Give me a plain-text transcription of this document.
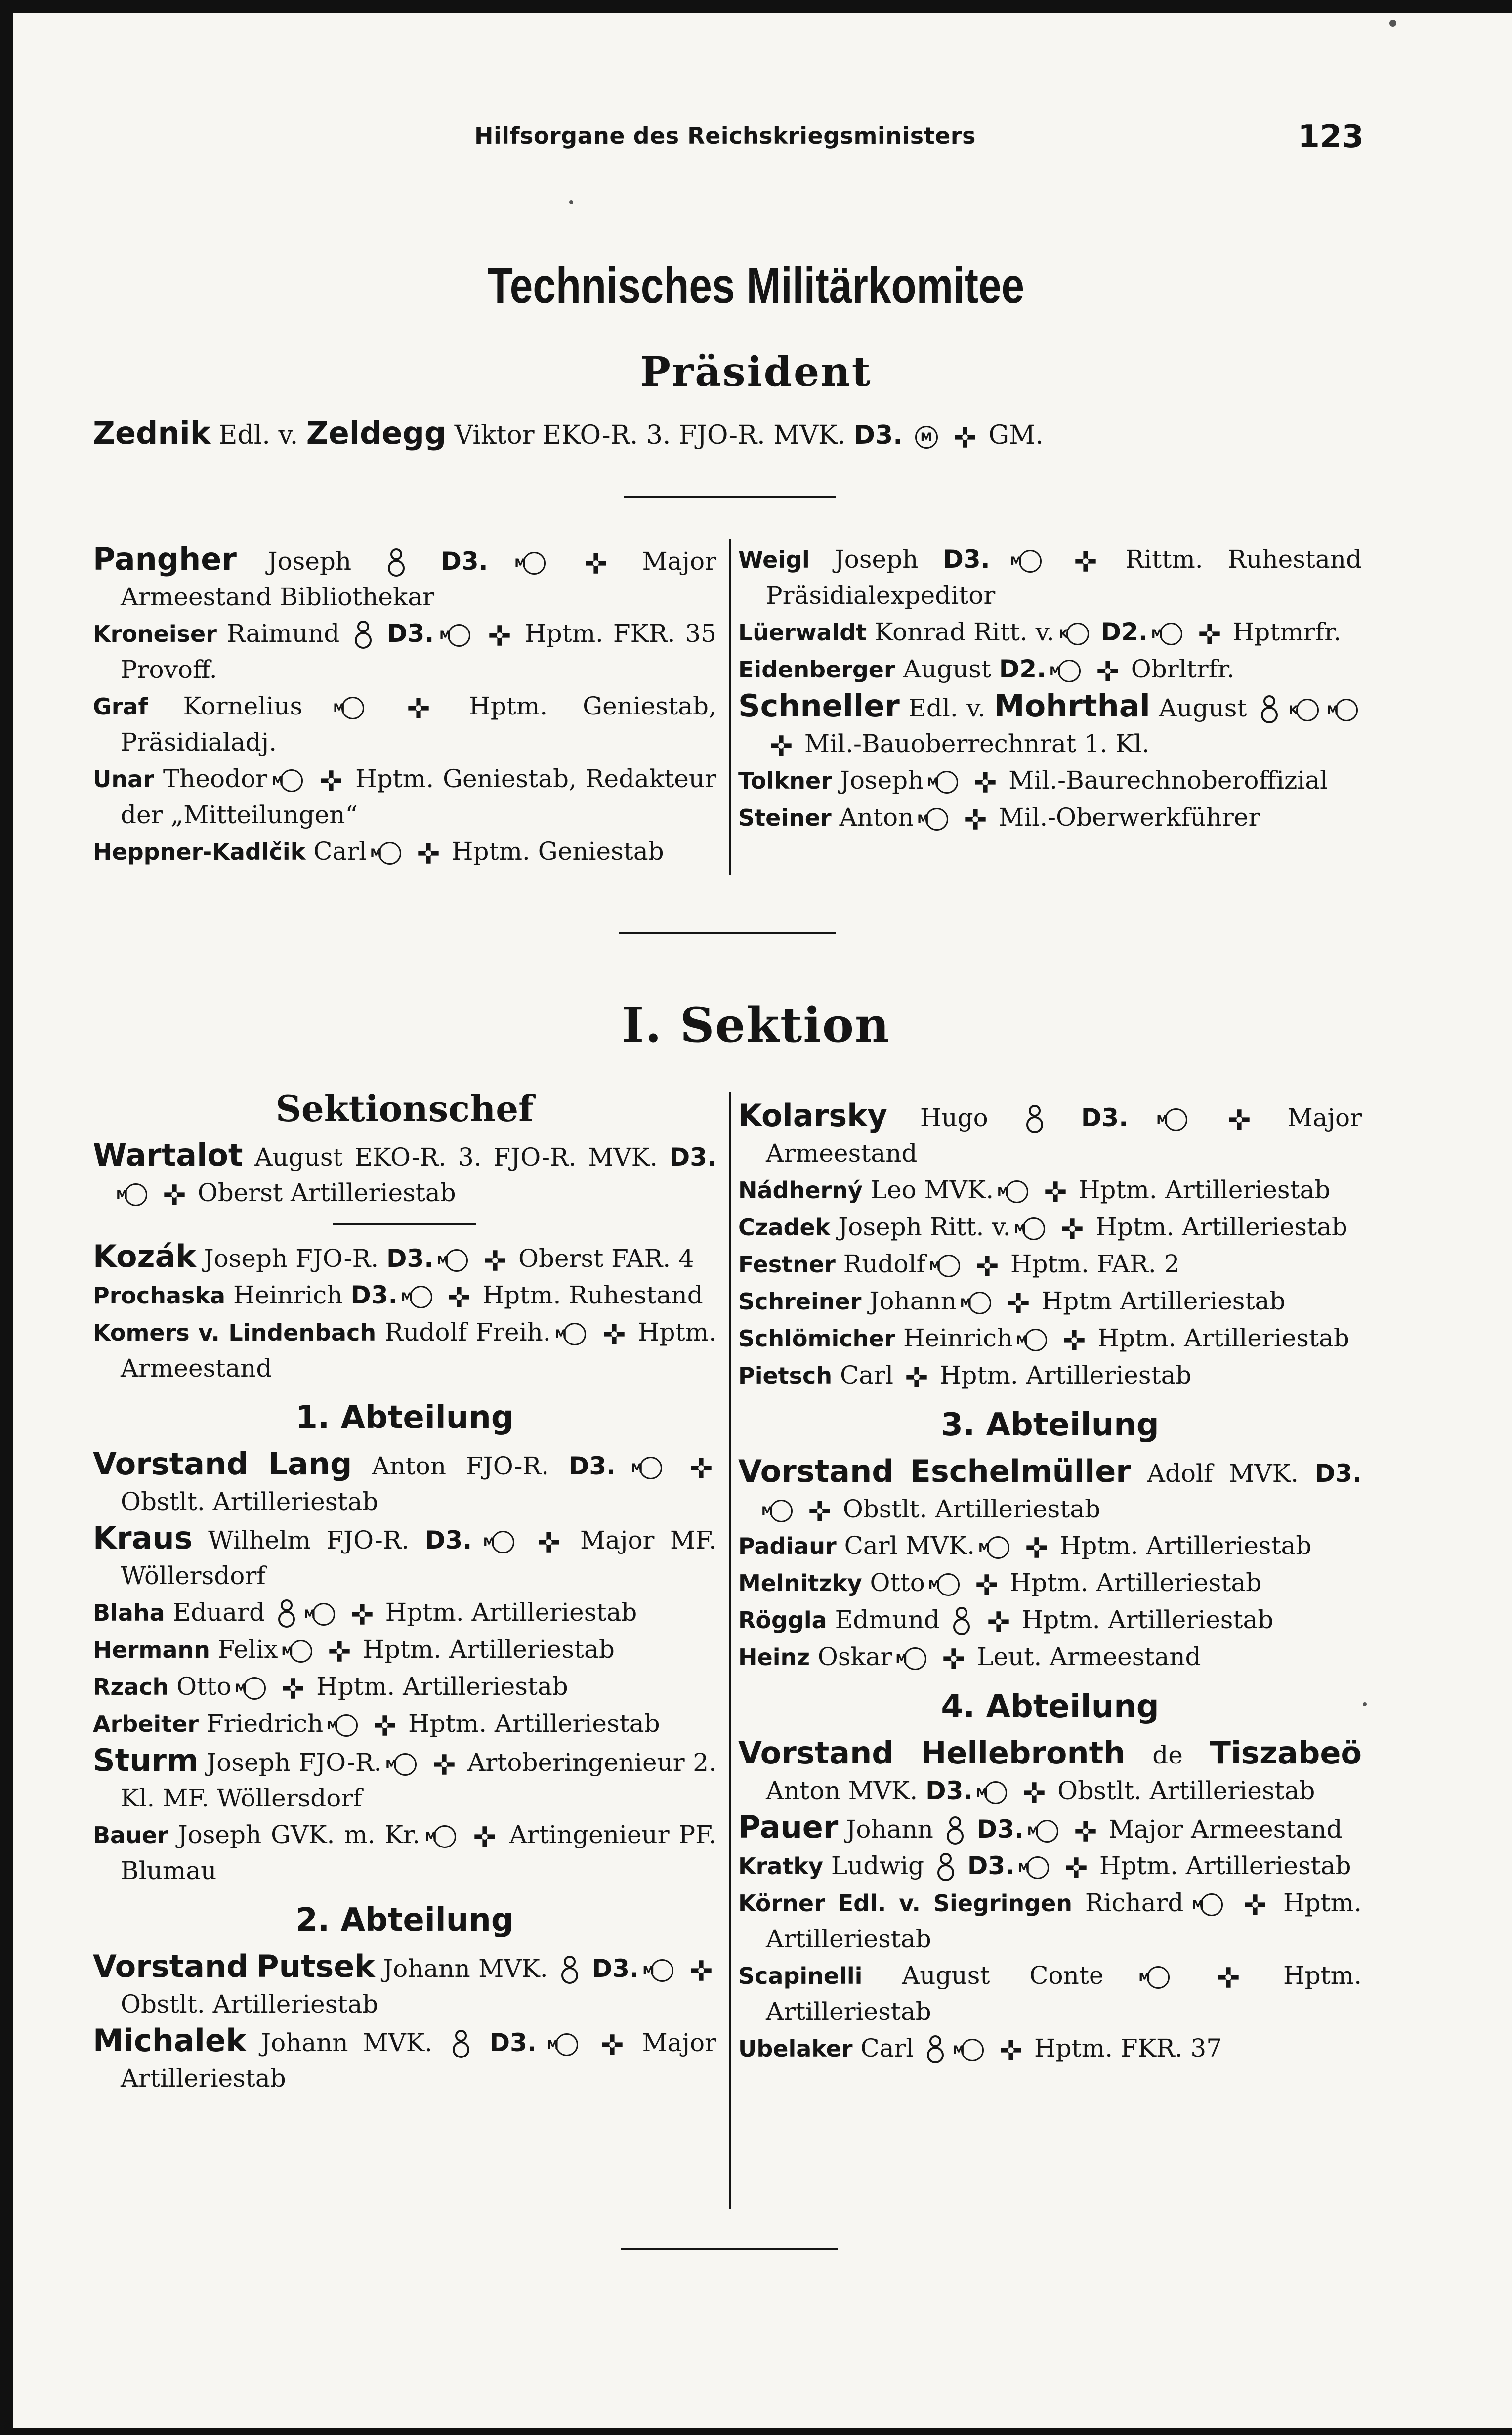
Hilfsorgane des Reichskriegsministers	123
Technisches Militärkomitee
Präsident
Zednik Edl. v. Zeldegg Viktor EKO-R. 3. FJO-R. MVK. D3. M GM.
Pangher Joseph	D3. M	Major Armeestand Bibliothekar
Kroneiser Raimund D3. M	Hptm. FKR. 35 Provoff.
Graf Kornelius	M	Hptm. Geniestab, Präsidialadj.
Unar Theodor M	Hptm. Geniestab, Redakteur der „Mitteilungen“
Heppner-Kadlčik Carl M	Hptm. Geniestab
Weigl Joseph D3. M	Rittm. Ruhestand Präsidialexpeditor
Lüerwaldt Konrad Ritt. v. K D2. M	Hptmrfr.
Eidenberger August D2. M	Obrltrfr.
Schneller Edl. v. Mohrthal August	K M  Mil.-Bauoberrechnrat 1. Kl.
Tolkner Joseph M	Mil.-Baurechnoberoffizial
Steiner Anton M	Mil.-Oberwerkführer
I. Sektion
Sektionschef
Wartalot August EKO-R. 3. FJO-R. MVK. D3. M	Oberst Artilleriestab
Kozák Joseph FJO-R. D3. M	Oberst FAR. 4
Prochaska Heinrich D3. M	Hptm. Ruhestand
Komers v. Lindenbach Rudolf Freih. M	Hptm. Armeestand
1. Abteilung
Vorstand Lang Anton FJO-R. D3. M  Obstlt. Artilleriestab
Kraus Wilhelm FJO-R. D3. M	Major MF. Wöllersdorf
Blaha Eduard	M	Hptm. Artilleriestab
Hermann Felix M	Hptm. Artilleriestab
Rzach Otto M	Hptm. Artilleriestab
Arbeiter Friedrich M	Hptm. Artilleriestab
Sturm Joseph FJO-R. M	Artoberingenieur 2. Kl. MF. Wöllersdorf
Bauer Joseph GVK. m. Kr. M	Artingenieur PF. Blumau
2. Abteilung
Vorstand Putsek Johann MVK. D3. M  Obstlt. Artilleriestab
Michalek Johann MVK. D3. M	Major Artilleriestab
Kolarsky Hugo	D3. M	Major Armeestand
Nádherný Leo MVK. M	Hptm. Artilleriestab
Czadek Joseph Ritt. v. M	Hptm. Artilleriestab
Festner Rudolf M	Hptm. FAR. 2
Schreiner Johann M	Hptm Artilleriestab
Schlömicher Heinrich M	Hptm. Artilleriestab
Pietsch Carl Hptm. Artilleriestab
3. Abteilung
Vorstand Eschelmüller Adolf MVK. D3. M	Obstlt. Artilleriestab
Padiaur Carl MVK. M	Hptm. Artilleriestab
Melnitzky Otto M	Hptm. Artilleriestab
Röggla Edmund	Hptm. Artilleriestab
Heinz Oskar M	Leut. Armeestand
4. Abteilung
Vorstand Hellebronth de Tiszabeö Anton MVK. D3. M	Obstlt. Artilleriestab
Pauer Johann D3. M	Major Armeestand
Kratky Ludwig D3. M	Hptm. Artilleriestab
Körner Edl. v. Siegringen Richard M	Hptm. Artilleriestab
Scapinelli August Conte	M	Hptm. Artilleriestab
Ubelaker Carl	M	Hptm. FKR. 37
